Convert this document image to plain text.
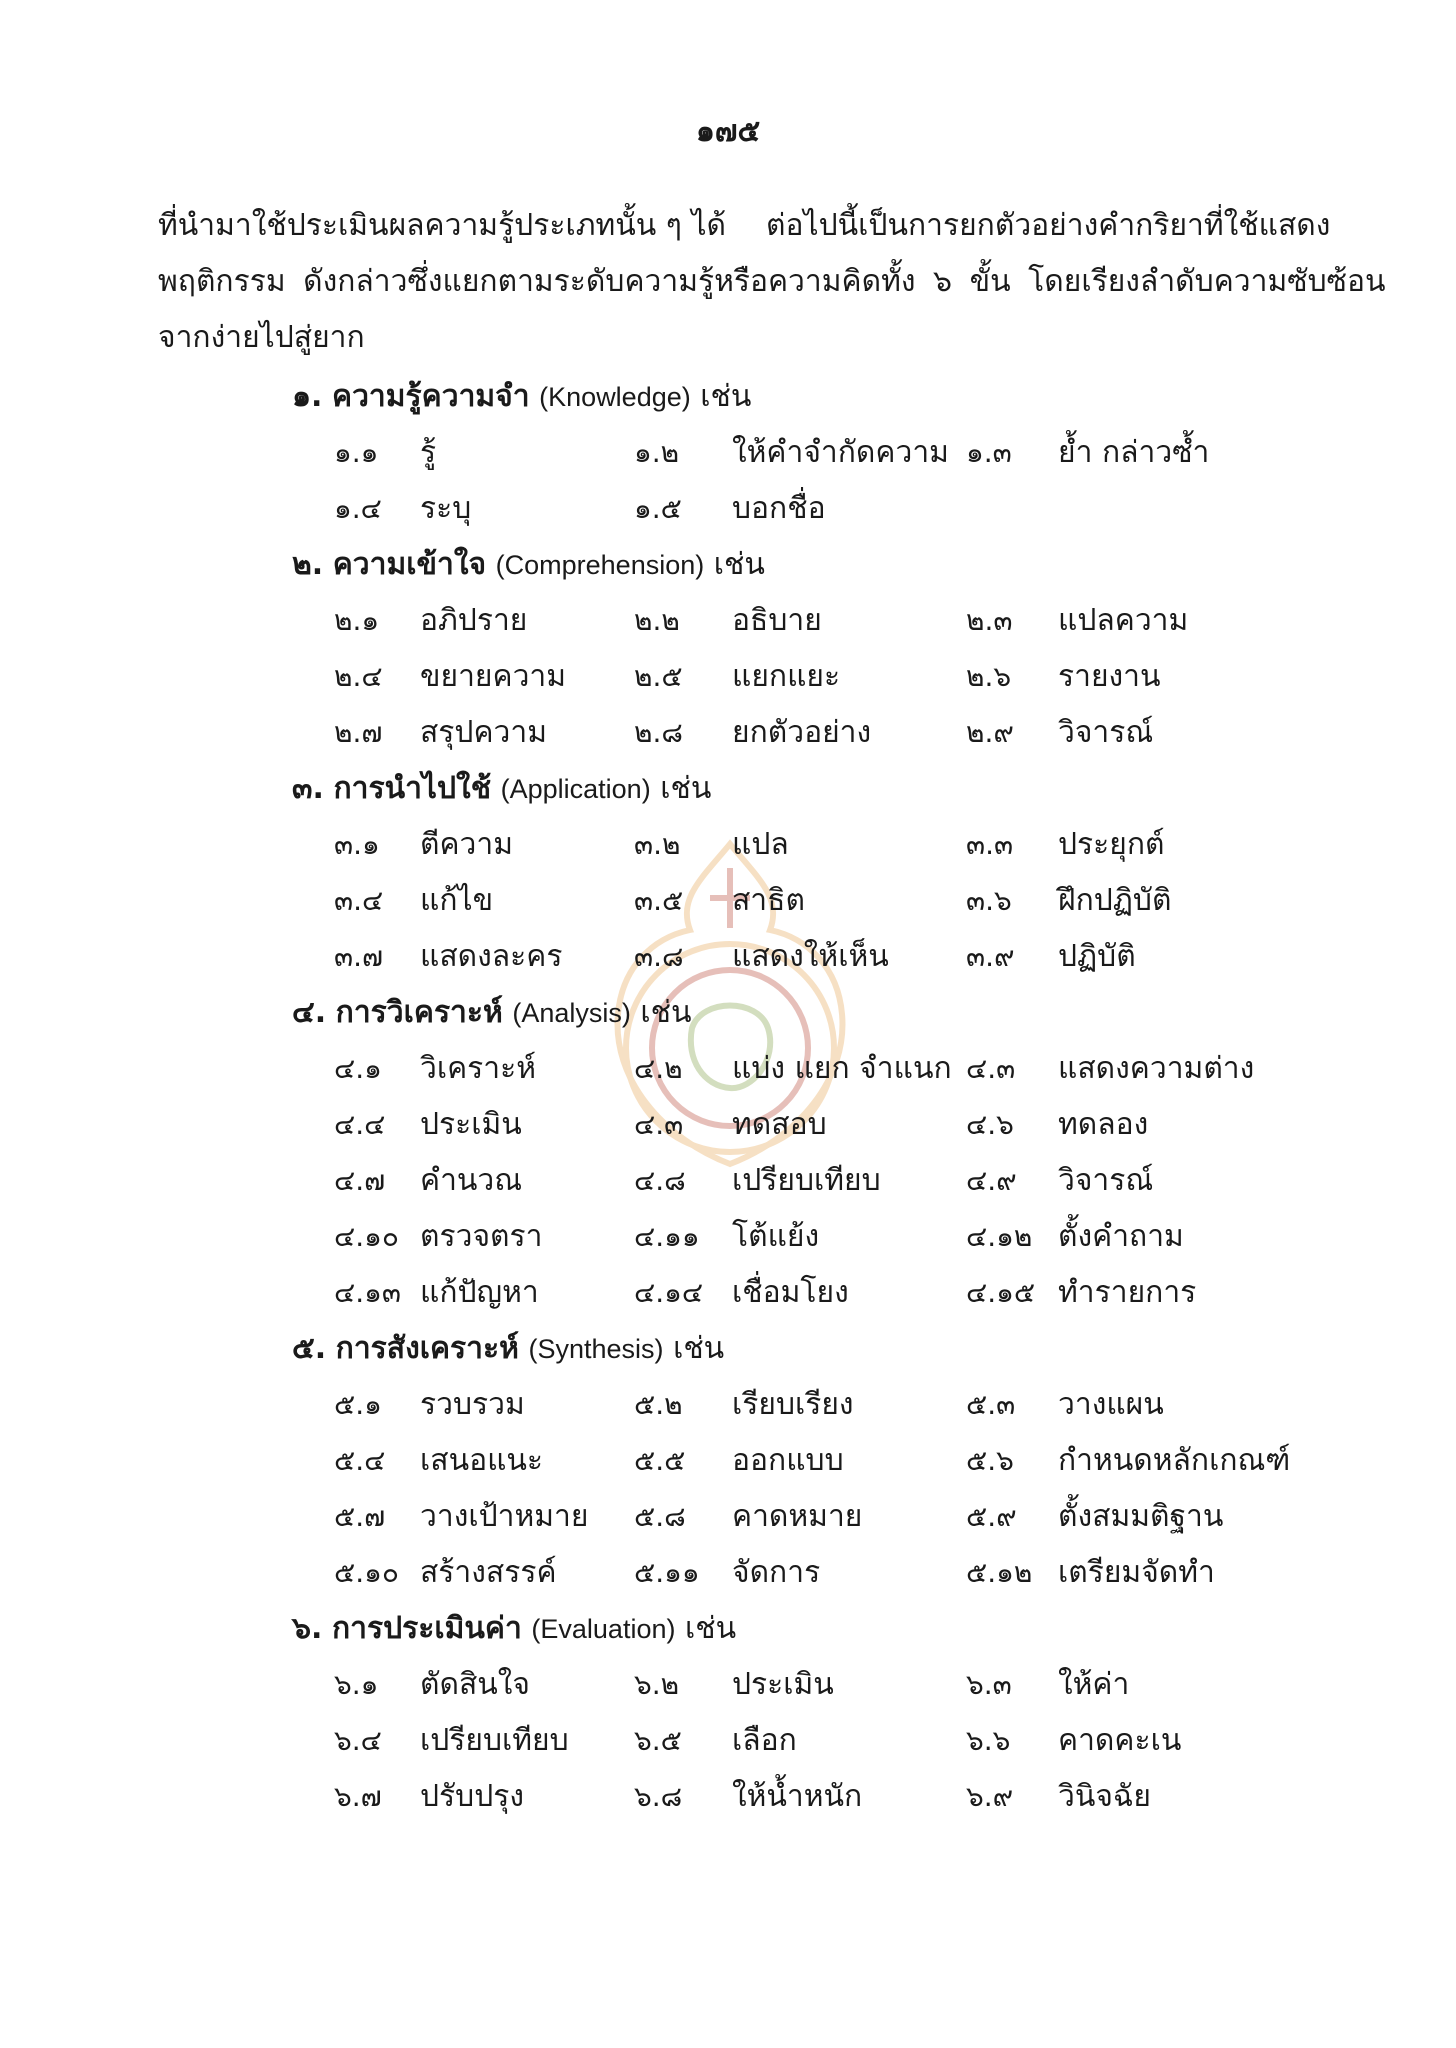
๑๗๕
ที่นำมาใช้ประเมินผลความรู้ประเภทนั้น ๆ ได้ ต่อไปนี้เป็นการยกตัวอย่างคำกริยาที่ใช้แสดง
พฤติกรรม ดังกล่าวซึ่งแยกตามระดับความรู้หรือความคิดทั้ง ๖ ขั้น โดยเรียงลำดับความซับซ้อน
จากง่ายไปสู่ยาก
๑. ความรู้ความจำ (Knowledge) เช่น
๑.๑ รู้	๑.๒ ให้คำจำกัดความ ๑.๓ ย้ำ กล่าวซ้ำ
๑.๔ ระบุ	๑.๕ บอกชื่อ
๒. ความเข้าใจ (Comprehension) เช่น
๒.๑ อภิปราย	๒.๒ อธิบาย	๒.๓ แปลความ
๒.๔ ขยายความ ๒.๕ แยกแยะ	๒.๖ รายงาน
๒.๗ สรุปความ	๒.๘ ยกตัวอย่าง	๒.๙ วิจารณ์
๓. การนำไปใช้ (Application) เช่น
๓.๑ ตีความ	๓.๒ แปล	๓.๓ ประยุกต์
๓.๔ แก้ไข	๓.๕ สาธิต	๓.๖ ฝึกปฏิบัติ
๓.๗ แสดงละคร	๓.๘ แสดงให้เห็น	๓.๙ ปฏิบัติ
๔. การวิเคราะห์ (Analysis) เช่น
๔.๑ วิเคราะห์	๔.๒ แบ่ง แยก จำแนก ๔.๓ แสดงความต่าง
๔.๔ ประเมิน	๔.๓ ทดสอบ	๔.๖ ทดลอง
๔.๗ คำนวณ	๔.๘ เปรียบเทียบ	๔.๙ วิจารณ์
๔.๑๐ ตรวจตรา	๔.๑๑ โต้แย้ง	๔.๑๒ ตั้งคำถาม
๔.๑๓ แก้ปัญหา	๔.๑๔ เชื่อมโยง	๔.๑๕ ทำรายการ
๕. การสังเคราะห์ (Synthesis) เช่น
๕.๑ รวบรวม	๕.๒ เรียบเรียง	๕.๓ วางแผน
๕.๔ เสนอแนะ	๕.๕ ออกแบบ	๕.๖ กำหนดหลักเกณฑ์
๕.๗ วางเป้าหมาย ๕.๘ คาดหมาย	๕.๙ ตั้งสมมติฐาน
๕.๑๐ สร้างสรรค์	๕.๑๑ จัดการ	๕.๑๒ เตรียมจัดทำ
๖. การประเมินค่า (Evaluation) เช่น
๖.๑ ตัดสินใจ	๖.๒ ประเมิน	๖.๓ ให้ค่า
๖.๔ เปรียบเทียบ ๖.๕ เลือก	๖.๖ คาดคะเน
๖.๗ ปรับปรุง	๖.๘ ให้น้ำหนัก	๖.๙ วินิจฉัย
